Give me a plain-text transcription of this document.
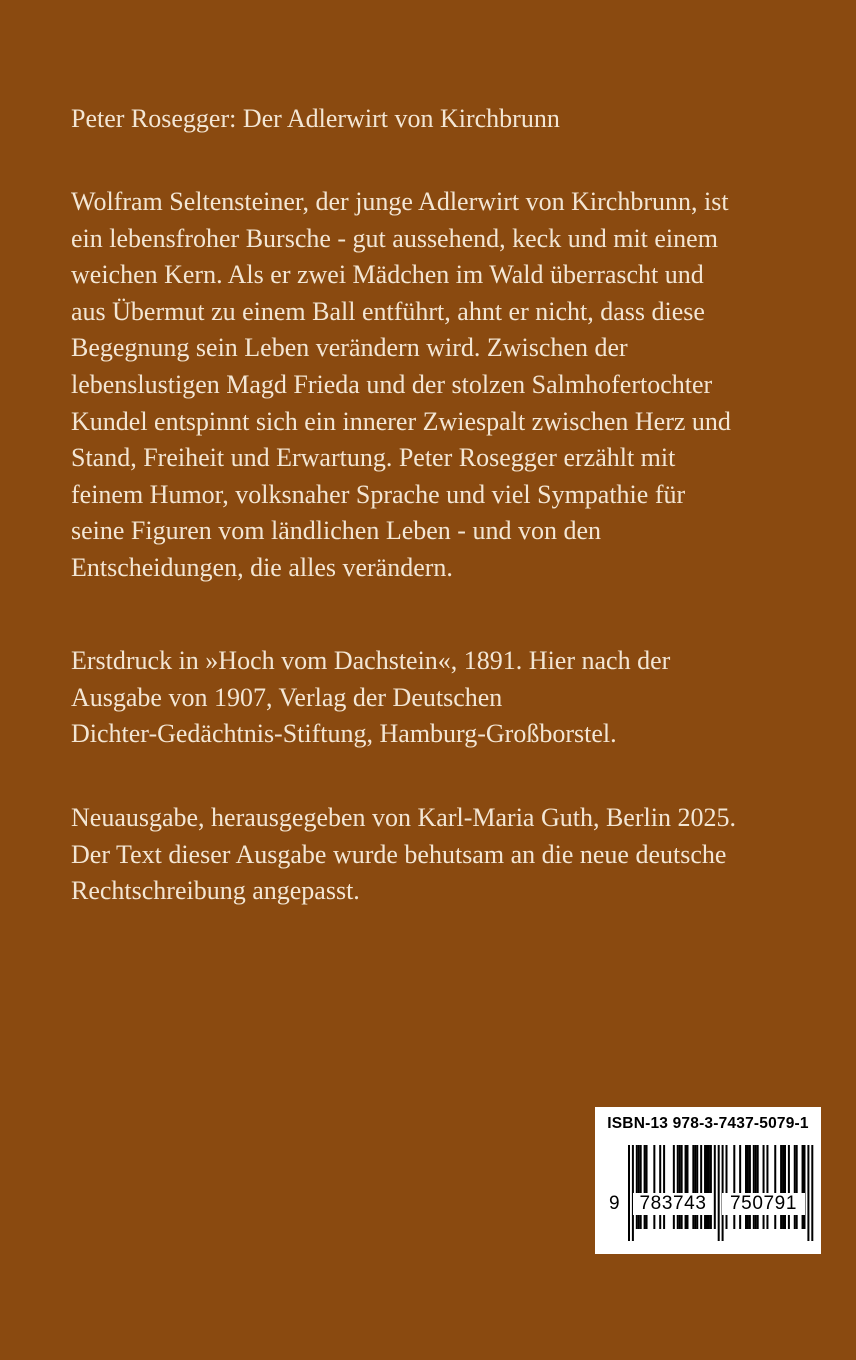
Peter Rosegger: Der Adlerwirt von Kirchbrunn

Wolfram Seltensteiner, der junge Adlerwirt von Kirchbrunn, ist
ein lebensfroher Bursche - gut aussehend, keck und mit einem
weichen Kern. Als er zwei Mädchen im Wald überrascht und
aus Übermut zu einem Ball entführt, ahnt er nicht, dass diese
Begegnung sein Leben verändern wird. Zwischen der
lebenslustigen Magd Frieda und der stolzen Salmhofertochter
Kundel entspinnt sich ein innerer Zwiespalt zwischen Herz und
Stand, Freiheit und Erwartung. Peter Rosegger erzählt mit
feinem Humor, volksnaher Sprache und viel Sympathie für
seine Figuren vom ländlichen Leben - und von den
Entscheidungen, die alles verändern.

Erstdruck in »Hoch vom Dachstein«, 1891. Hier nach der
Ausgabe von 1907, Verlag der Deutschen
Dichter-Gedächtnis-Stiftung, Hamburg-Großborstel.

Neuausgabe, herausgegeben von Karl-Maria Guth, Berlin 2025.
Der Text dieser Ausgabe wurde behutsam an die neue deutsche
Rechtschreibung angepasst.

ISBN-13 978-3-7437-5079-1
9	783743	750791
